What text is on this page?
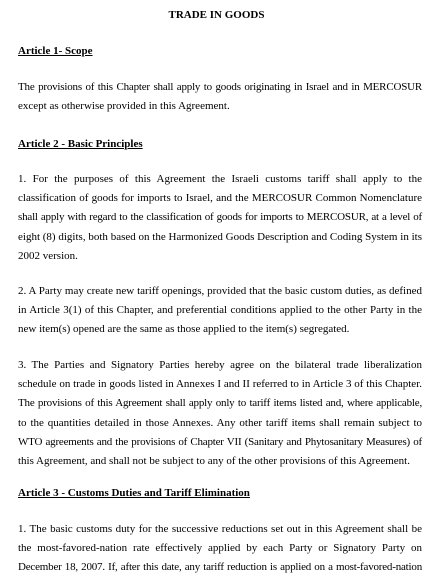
TRADE IN GOODS
Article 1- Scope

The provisions of this Chapter shall apply to goods originating in Israel and in MERCOSUR
except as otherwise provided in this Agreement.

Article 2 - Basic Principles

1. For the purposes of this Agreement the Israeli customs tariff shall apply to the
classification of goods for imports to Israel, and the MERCOSUR Common Nomenclature
shall apply with regard to the classification of goods for imports to MERCOSUR, at a level of
eight (8) digits, both based on the Harmonized Goods Description and Coding System in its
2002 version.

2. A Party may create new tariff openings, provided that the basic custom duties, as defined
in Article 3(1) of this Chapter, and preferential conditions applied to the other Party in the
new item(s) opened are the same as those applied to the item(s) segregated.

3. The Parties and Signatory Parties hereby agree on the bilateral trade liberalization
schedule on trade in goods listed in Annexes I and II referred to in Article 3 of this Chapter.
The provisions of this Agreement shall apply only to tariff items listed and, where applicable,
to the quantities detailed in those Annexes. Any other tariff items shall remain subject to
WTO agreements and the provisions of Chapter VII (Sanitary and Phytosanitary Measures) of
this Agreement, and shall not be subject to any of the other provisions of this Agreement.

Article 3 - Customs Duties and Tariff Elimination

1. The basic customs duty for the successive reductions set out in this Agreement shall be
the most-favored-nation rate effectively applied by each Party or Signatory Party on
December 18, 2007. If, after this date, any tariff reduction is applied on a most-favored-nation
